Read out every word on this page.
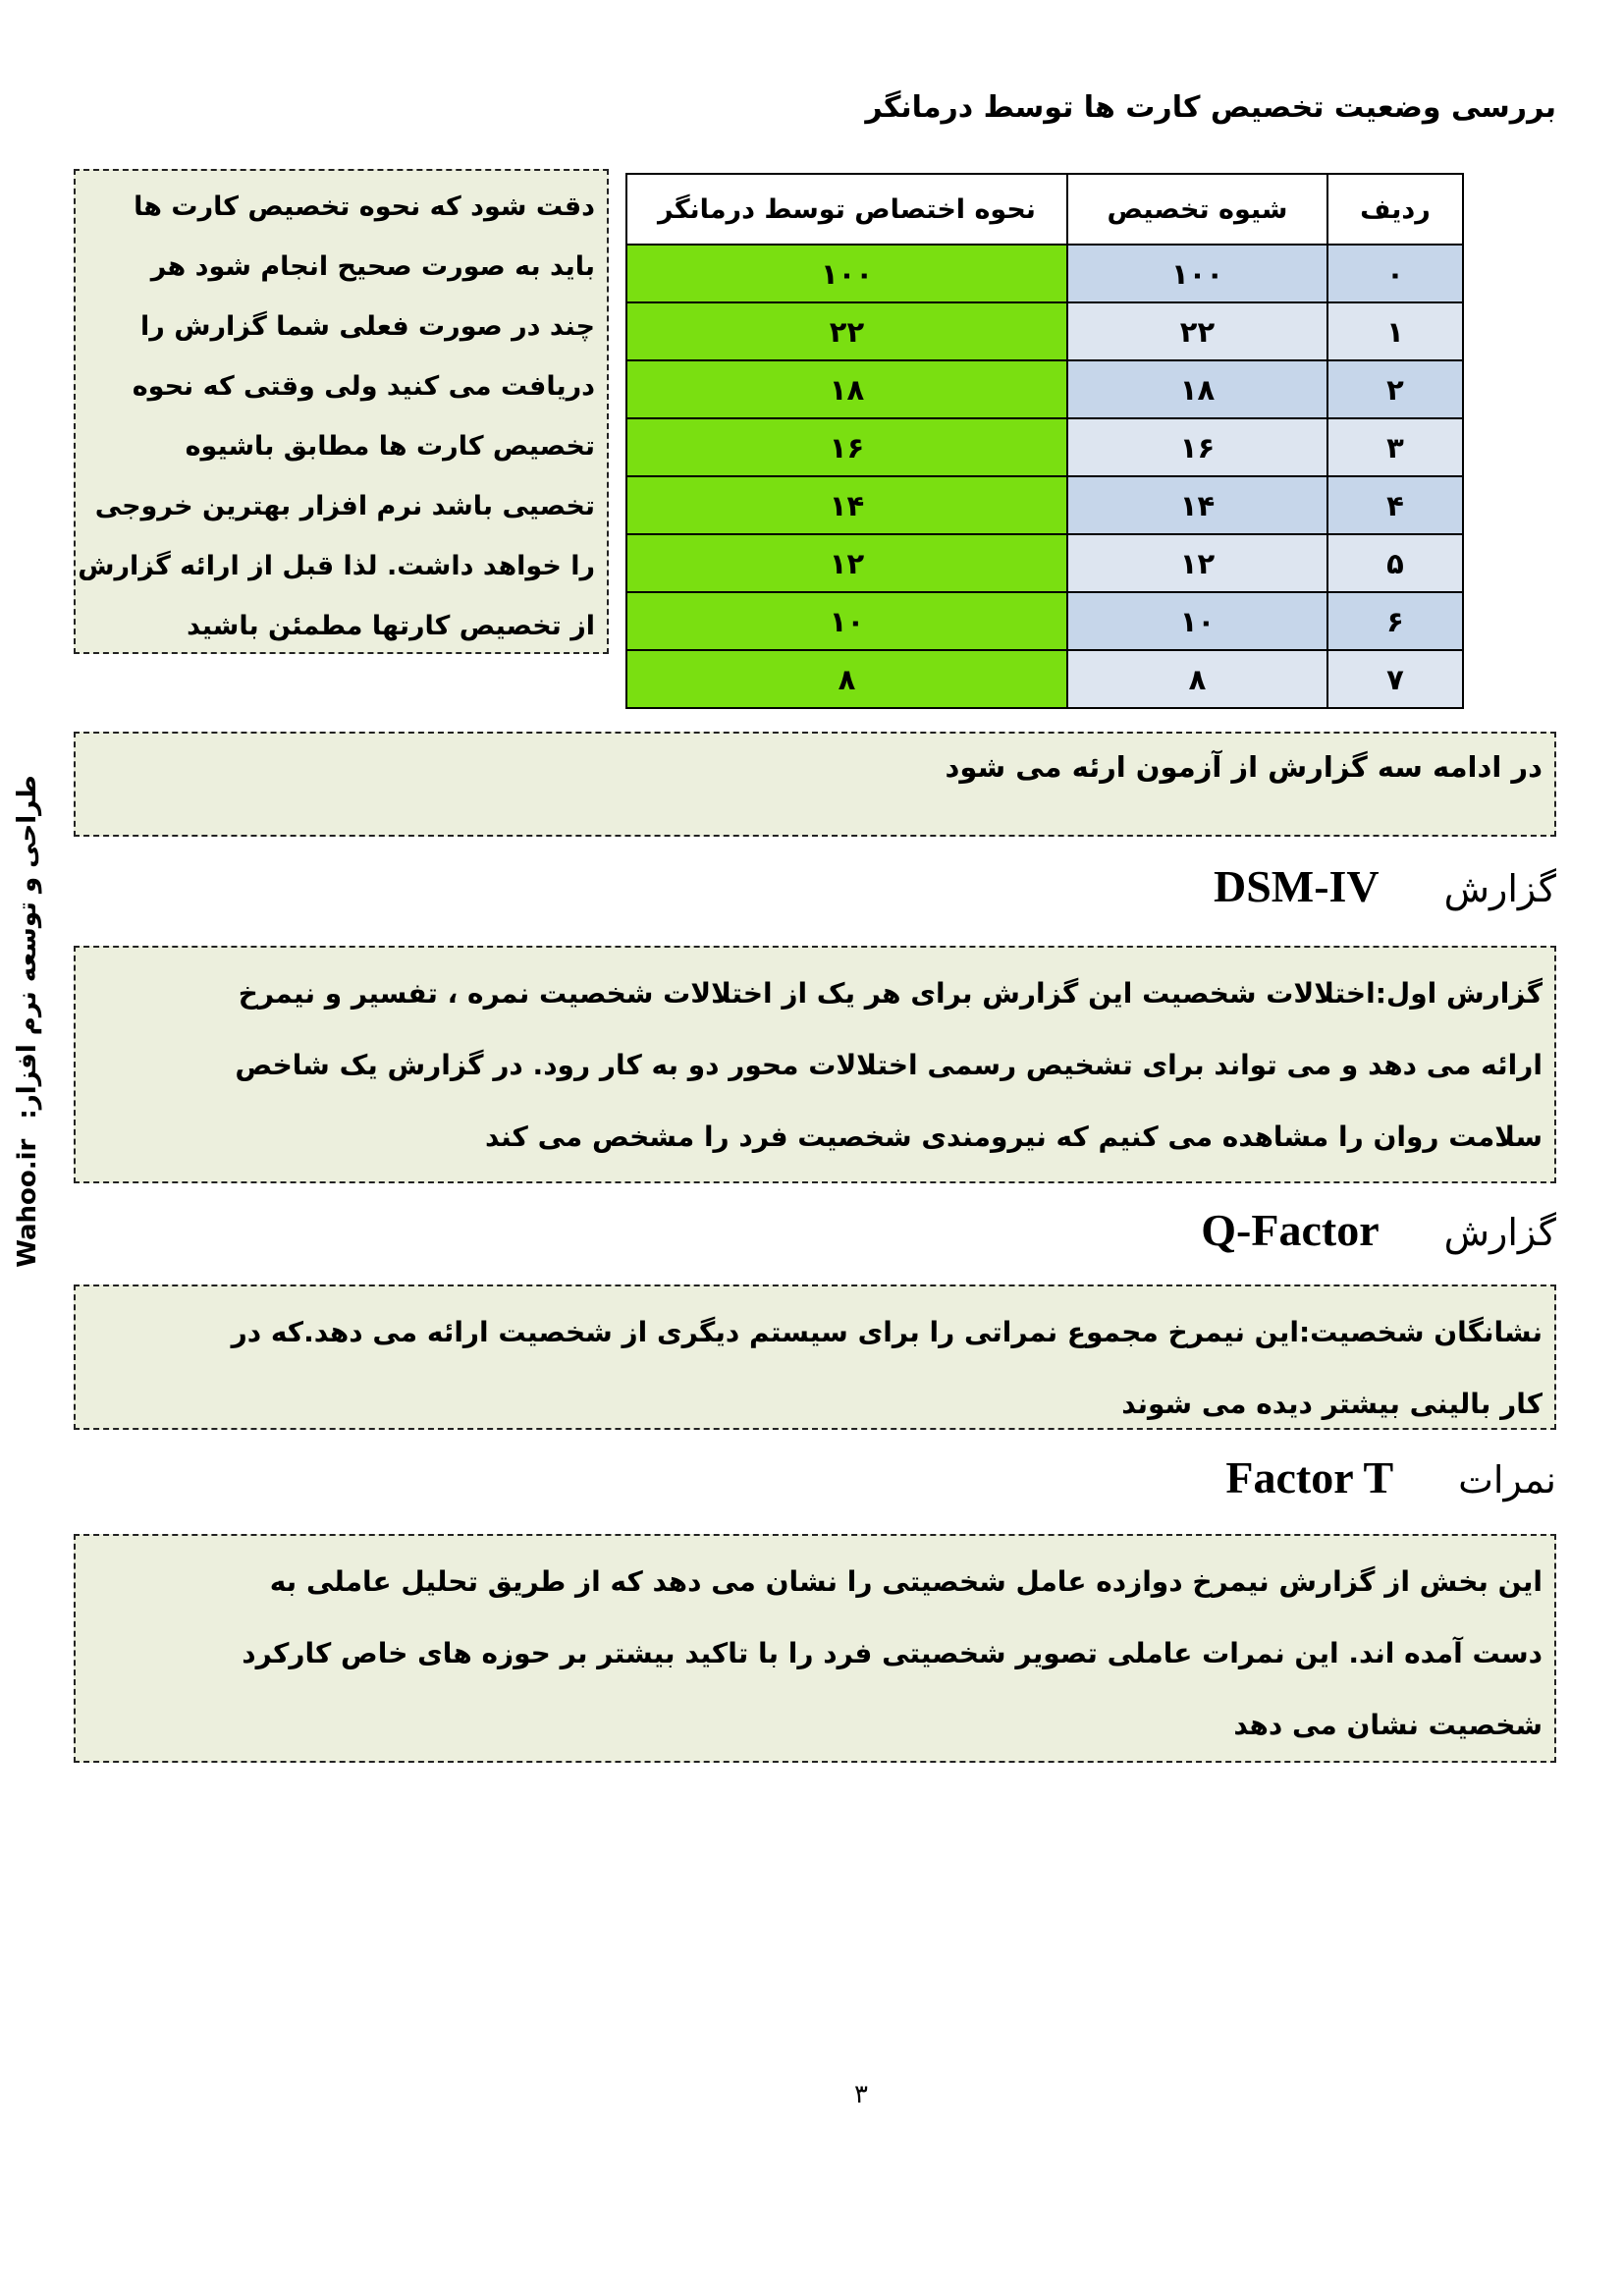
بررسی وضعیت تخصیص کارت ها توسط درمانگر
دقت شود که نحوه تخصیص کارت ها
باید به صورت صحیح انجام شود هر
چند در صورت فعلی شما گزارش را
دریافت می کنید ولی وقتی که نحوه
تخصیص کارت ها مطابق باشیوه
تخصیی باشد نرم افزار بهترین خروجی
را خواهد داشت. لذا قبل از ارائه گزارش
از تخصیص کارتها مطمئن باشید
ردیف	شیوه تخصیص	نحوه اختصاص توسط درمانگر
۰	۱۰۰	۱۰۰
۱	۲۲	۲۲
۲	۱۸	۱۸
۳	۱۶	۱۶
۴	۱۴	۱۴
۵	۱۲	۱۲
۶	۱۰	۱۰
۷	۸	۸
در ادامه سه گزارش از آزمون ارئه می شود
گزارشDSM-IV
گزارش اول:اختلالات شخصیت این گزارش برای هر یک از اختلالات شخصیت نمره ، تفسیر و نیمرخ
ارائه می دهد و می تواند برای تشخیص رسمی اختلالات محور دو به کار رود. در گزارش یک شاخص
سلامت روان را مشاهده می کنیم که نیرومندی شخصیت فرد را مشخص می کند
گزارشQ-Factor
نشانگان شخصیت:این نیمرخ مجموع نمراتی را برای سیستم دیگری از شخصیت ارائه می دهد.که در
کار بالینی بیشتر دیده می شوند
نمراتFactor T
این بخش از گزارش نیمرخ دوازده عامل شخصیتی را نشان می دهد که از طریق تحلیل عاملی به
دست آمده اند. این نمرات عاملی تصویر شخصیتی فرد را با تاکید بیشتر بر حوزه های خاص کارکرد
شخصیت نشان می دهد
طراحی و توسعه نرم افزار:Wahoo.ir
۳
